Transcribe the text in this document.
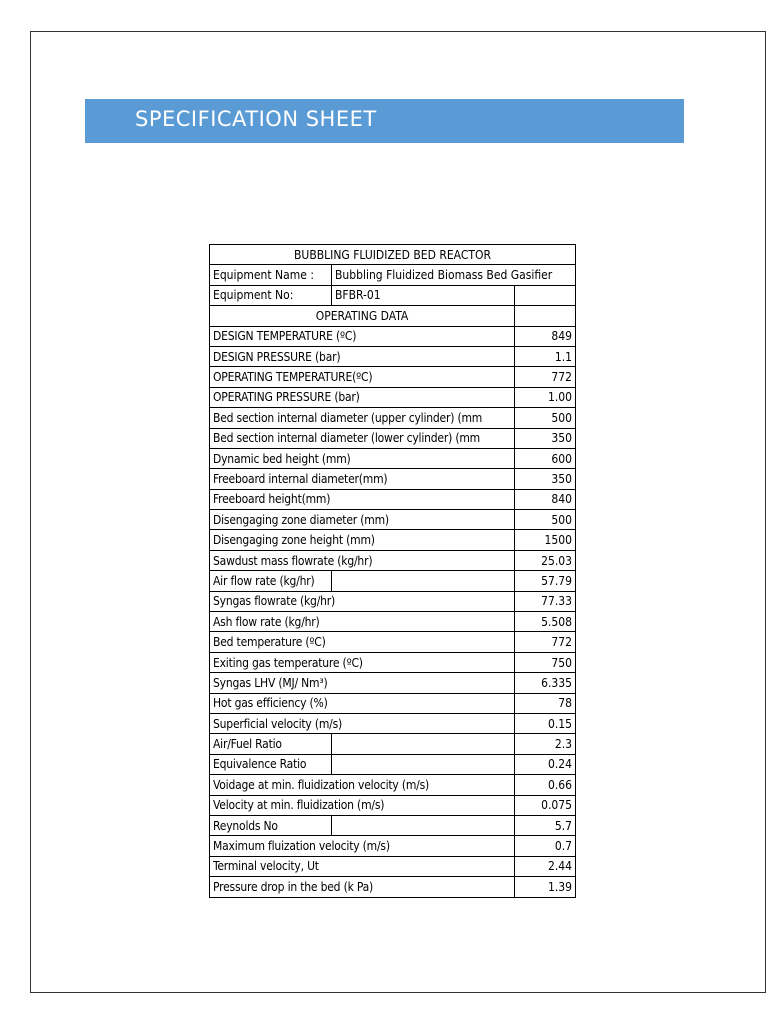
SPECIFICATION SHEET
BUBBLING FLUIDIZED BED REACTOR		
Equipment Name :	Bubbling Fluidized Biomass Bed Gasifier	
Equipment No:	BFBR-01	
OPERATING DATA		
DESIGN TEMPERATURE (ºC)		849
DESIGN PRESSURE (bar)		1.1
OPERATING TEMPERATURE(ºC)		772
OPERATING PRESSURE (bar)		1.00
Bed section internal diameter (upper cylinder) (mm		500
Bed section internal diameter (lower cylinder) (mm		350
Dynamic bed height (mm)		600
Freeboard internal diameter(mm)		350
Freeboard height(mm)		840
Disengaging zone diameter (mm)		500
Disengaging zone height (mm)		1500
Sawdust mass flowrate (kg/hr)		25.03
Air flow rate (kg/hr)		57.79
Syngas flowrate (kg/hr)		77.33
Ash flow rate (kg/hr)		5.508
Bed temperature (ºC)		772
Exiting gas temperature (ºC)		750
Syngas LHV (MJ/ Nm³)		6.335
Hot gas efficiency (%)		78
Superficial velocity (m/s)		0.15
Air/Fuel Ratio		2.3
Equivalence Ratio		0.24
Voidage at min. fluidization velocity (m/s)		0.66
Velocity at min. fluidization (m/s)		0.075
Reynolds No		5.7
Maximum fluization velocity (m/s)		0.7
Terminal velocity, Ut		2.44
Pressure drop in the bed (k Pa)		1.39
